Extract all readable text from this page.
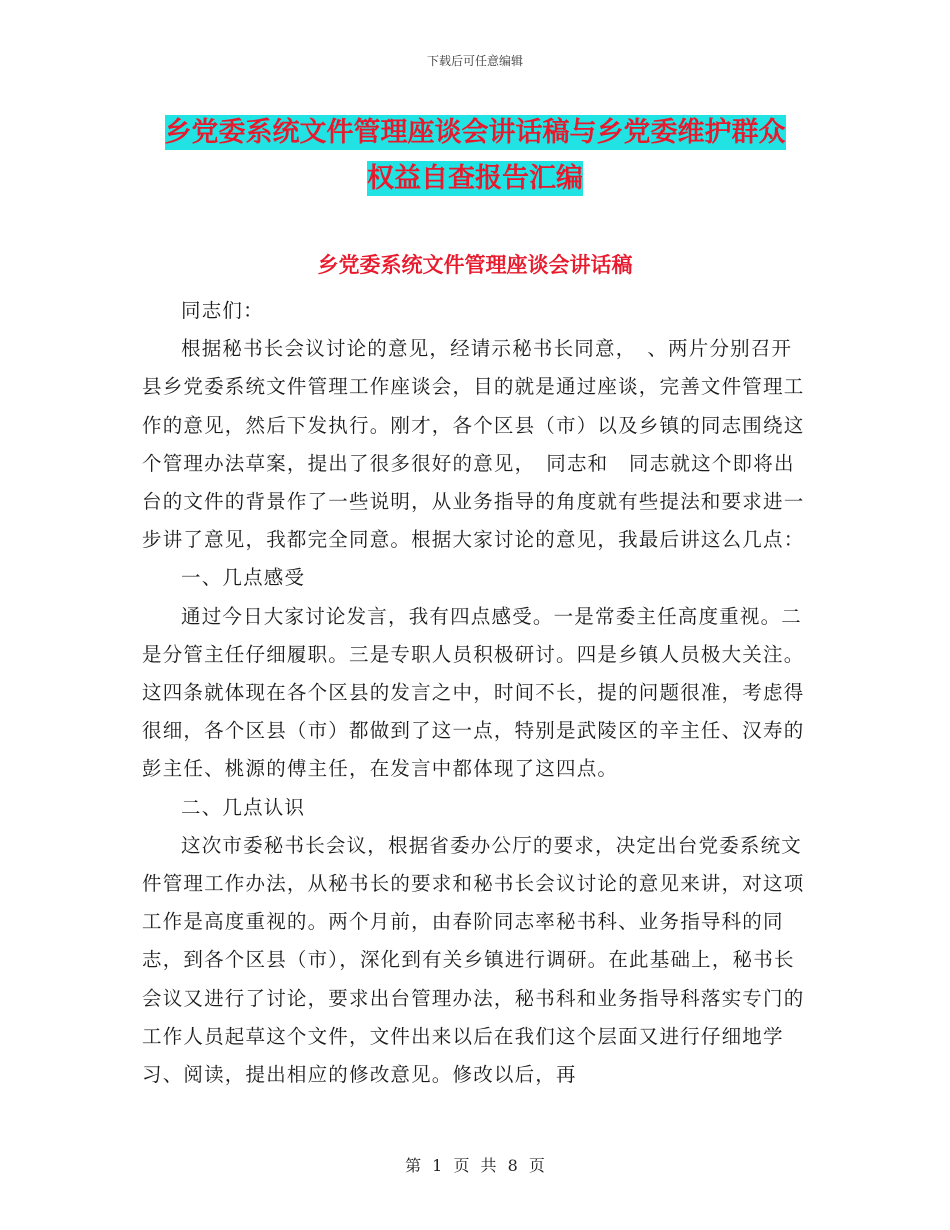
下载后可任意编辑
乡党委系统文件管理座谈会讲话稿与乡党委维护群众
权益自查报告汇编
乡党委系统文件管理座谈会讲话稿

同志们：

根据秘书长会议讨论的意见，经请示秘书长同意，　、两片分别召开县乡党委系统文件管理工作座谈会，目的就是通过座谈，完善文件管理工作的意见，然后下发执行。刚才，各个区县（市）以及乡镇的同志围绕这个管理办法草案，提出了很多很好的意见，　同志和　同志就这个即将出台的文件的背景作了一些说明，从业务指导的角度就有些提法和要求进一步讲了意见，我都完全同意。根据大家讨论的意见，我最后讲这么几点：

一、几点感受

通过今日大家讨论发言，我有四点感受。一是常委主任高度重视。二是分管主任仔细履职。三是专职人员积极研讨。四是乡镇人员极大关注。这四条就体现在各个区县的发言之中，时间不长，提的问题很准，考虑得很细，各个区县（市）都做到了这一点，特别是武陵区的辛主任、汉寿的彭主任、桃源的傅主任，在发言中都体现了这四点。

二、几点认识

这次市委秘书长会议，根据省委办公厅的要求，决定出台党委系统文件管理工作办法，从秘书长的要求和秘书长会议讨论的意见来讲，对这项工作是高度重视的。两个月前，由春阶同志率秘书科、业务指导科的同志，到各个区县（市），深化到有关乡镇进行调研。在此基础上，秘书长会议又进行了讨论，要求出台管理办法，秘书科和业务指导科落实专门的工作人员起草这个文件，文件出来以后在我们这个层面又进行仔细地学习、阅读，提出相应的修改意见。修改以后，再

第 1 页 共 8 页
